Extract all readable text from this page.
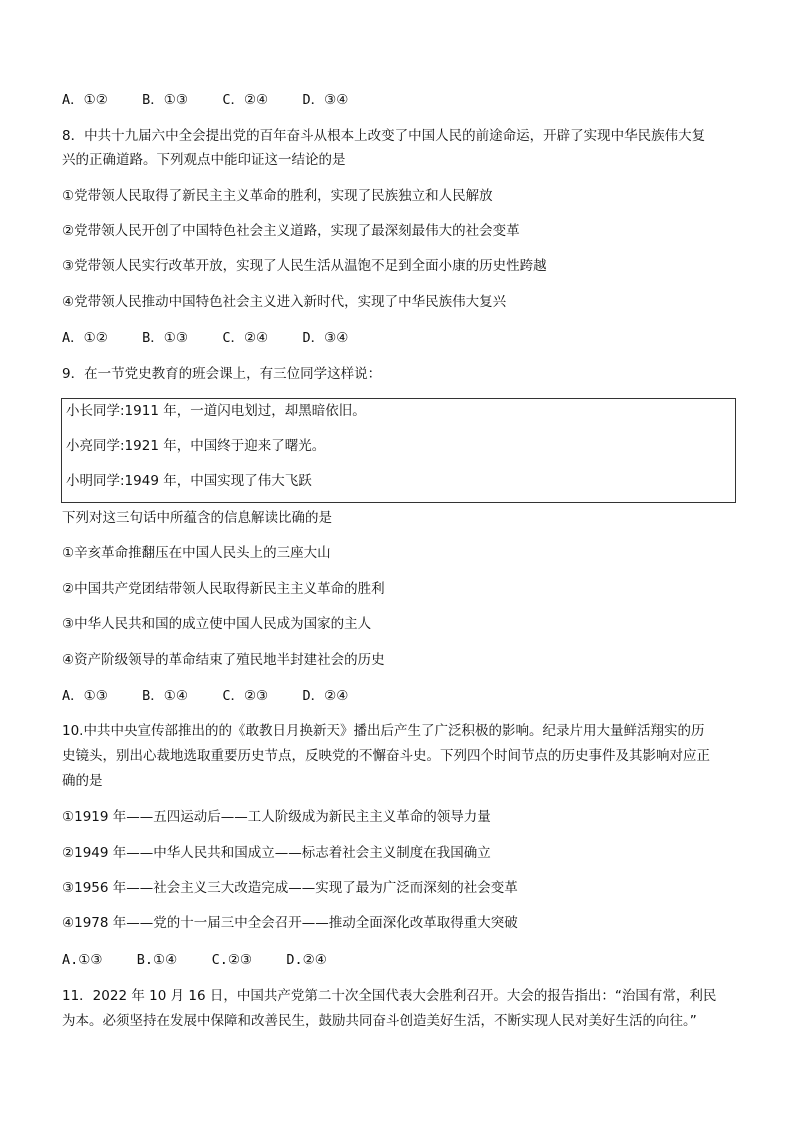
A．①②	B．①③	C．②④	D．③④
8．中共十九届六中全会提出党的百年奋斗从根本上改变了中国人民的前途命运，开辟了实现中华民族伟大复
兴的正确道路。下列观点中能印证这一结论的是
①党带领人民取得了新民主主义革命的胜利，实现了民族独立和人民解放
②党带领人民开创了中国特色社会主义道路，实现了最深刻最伟大的社会变革
③党带领人民实行改革开放，实现了人民生活从温饱不足到全面小康的历史性跨越
④党带领人民推动中国特色社会主义进入新时代，实现了中华民族伟大复兴
A．①②	B．①③	C．②④	D．③④
9．在一节党史教育的班会课上，有三位同学这样说：
小长同学:1911 年，一道闪电划过，却黑暗依旧。
小亮同学:1921 年，中国终于迎来了曙光。
小明同学:1949 年，中国实现了伟大飞跃
下列对这三句话中所蕴含的信息解读比确的是
①辛亥革命推翻压在中国人民头上的三座大山
②中国共产党团结带领人民取得新民主主义革命的胜利
③中华人民共和国的成立使中国人民成为国家的主人
④资产阶级领导的革命结束了殖民地半封建社会的历史
A．①③	B．①④	C．②③	D．②④
10.中共中央宣传部推出的的《敢教日月换新天》播出后产生了广泛积极的影响。纪录片用大量鲜活翔实的历
史镜头，别出心裁地选取重要历史节点，反映党的不懈奋斗史。下列四个时间节点的历史事件及其影响对应正
确的是
①1919 年——五四运动后——工人阶级成为新民主主义革命的领导力量
②1949 年——中华人民共和国成立——标志着社会主义制度在我国确立
③1956 年——社会主义三大改造完成——实现了最为广泛而深刻的社会变革
④1978 年——党的十一届三中全会召开——推动全面深化改革取得重大突破
A.①③	B.①④	C.②③	D.②④
11．2022 年 10 月 16 日，中国共产党第二十次全国代表大会胜利召开。大会的报告指出：“治国有常，利民
为本。必须坚持在发展中保障和改善民生，鼓励共同奋斗创造美好生活，不断实现人民对美好生活的向往。”
